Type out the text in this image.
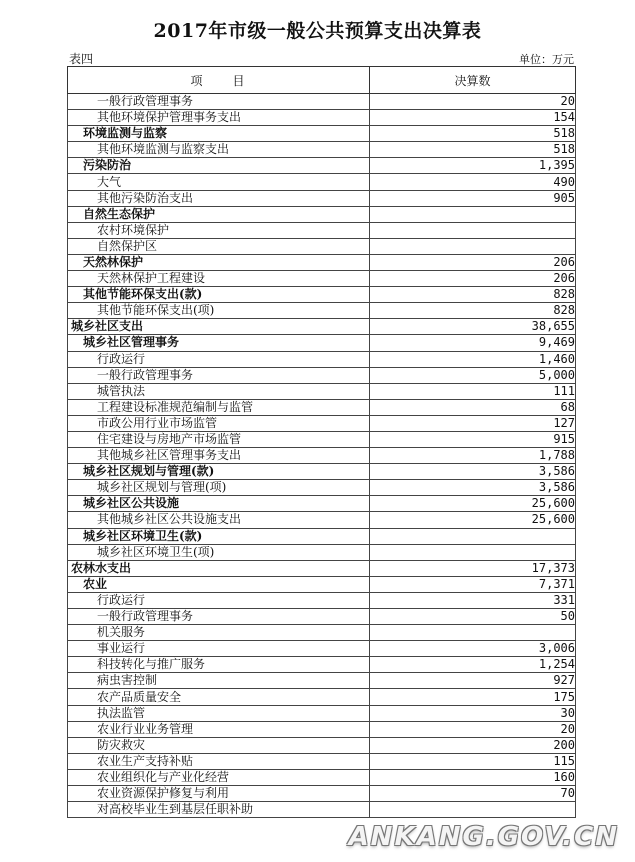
2017年市级一般公共预算支出决算表
表四	单位：万元
项　　目	决算数
一般行政管理事务	20
其他环境保护管理事务支出	154
环境监测与监察	518
其他环境监测与监察支出	518
污染防治	1,395
大气	490
其他污染防治支出	905
自然生态保护	
农村环境保护	
自然保护区	
天然林保护	206
天然林保护工程建设	206
其他节能环保支出(款)	828
其他节能环保支出(项)	828
城乡社区支出	38,655
城乡社区管理事务	9,469
行政运行	1,460
一般行政管理事务	5,000
城管执法	111
工程建设标准规范编制与监管	68
市政公用行业市场监管	127
住宅建设与房地产市场监管	915
其他城乡社区管理事务支出	1,788
城乡社区规划与管理(款)	3,586
城乡社区规划与管理(项)	3,586
城乡社区公共设施	25,600
其他城乡社区公共设施支出	25,600
城乡社区环境卫生(款)	
城乡社区环境卫生(项)	
农林水支出	17,373
农业	7,371
行政运行	331
一般行政管理事务	50
机关服务	
事业运行	3,006
科技转化与推广服务	1,254
病虫害控制	927
农产品质量安全	175
执法监管	30
农业行业业务管理	20
防灾救灾	200
农业生产支持补贴	115
农业组织化与产业化经营	160
农业资源保护修复与利用	70
对高校毕业生到基层任职补助	
ANKANG.GOV.CN
